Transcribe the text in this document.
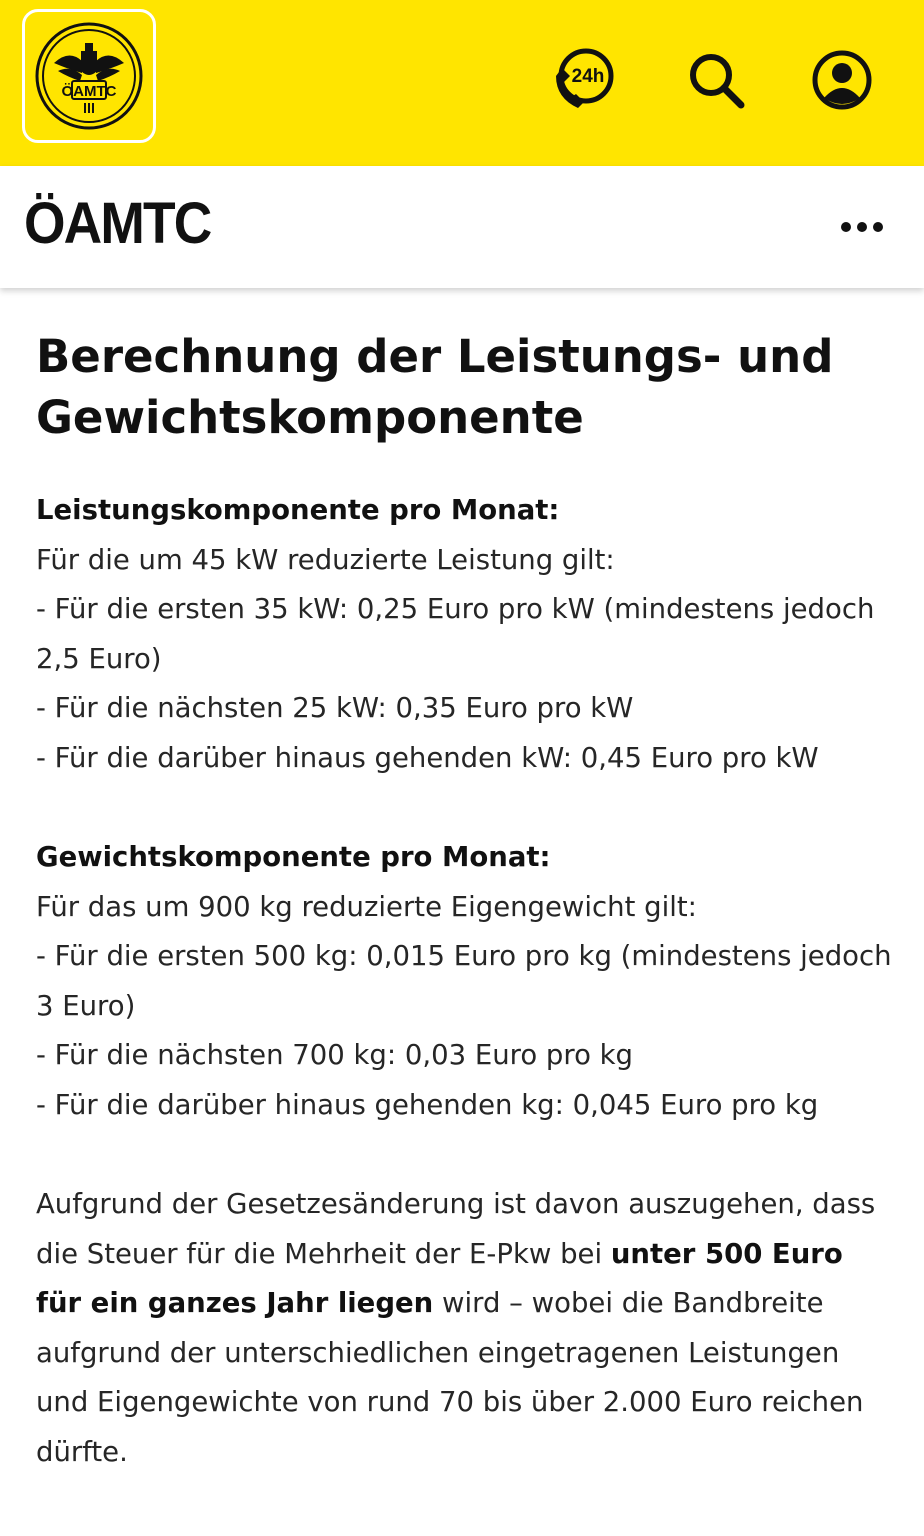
ÖAMTC
24h
ÖAMTC
Berechnung der Leistungs- und Gewichtskomponente

Leistungskomponente pro Monat:

Für die um 45 kW reduzierte Leistung gilt:

- Für die ersten 35 kW: 0,25 Euro pro kW (mindestens jedoch 2,5 Euro)

- Für die nächsten 25 kW: 0,35 Euro pro kW

- Für die darüber hinaus gehenden kW: 0,45 Euro pro kW

Gewichtskomponente pro Monat:

Für das um 900 kg reduzierte Eigengewicht gilt:

- Für die ersten 500 kg: 0,015 Euro pro kg (mindestens jedoch 3 Euro)

- Für die nächsten 700 kg: 0,03 Euro pro kg

- Für die darüber hinaus gehenden kg: 0,045 Euro pro kg

Aufgrund der Gesetzesänderung ist davon auszugehen, dass die Steuer für die Mehrheit der E-Pkw bei unter 500 Euro für ein ganzes Jahr liegen wird – wobei die Bandbreite aufgrund der unterschiedlichen eingetragenen Leistungen und Eigengewichte von rund 70 bis über 2.000 Euro reichen dürfte.
